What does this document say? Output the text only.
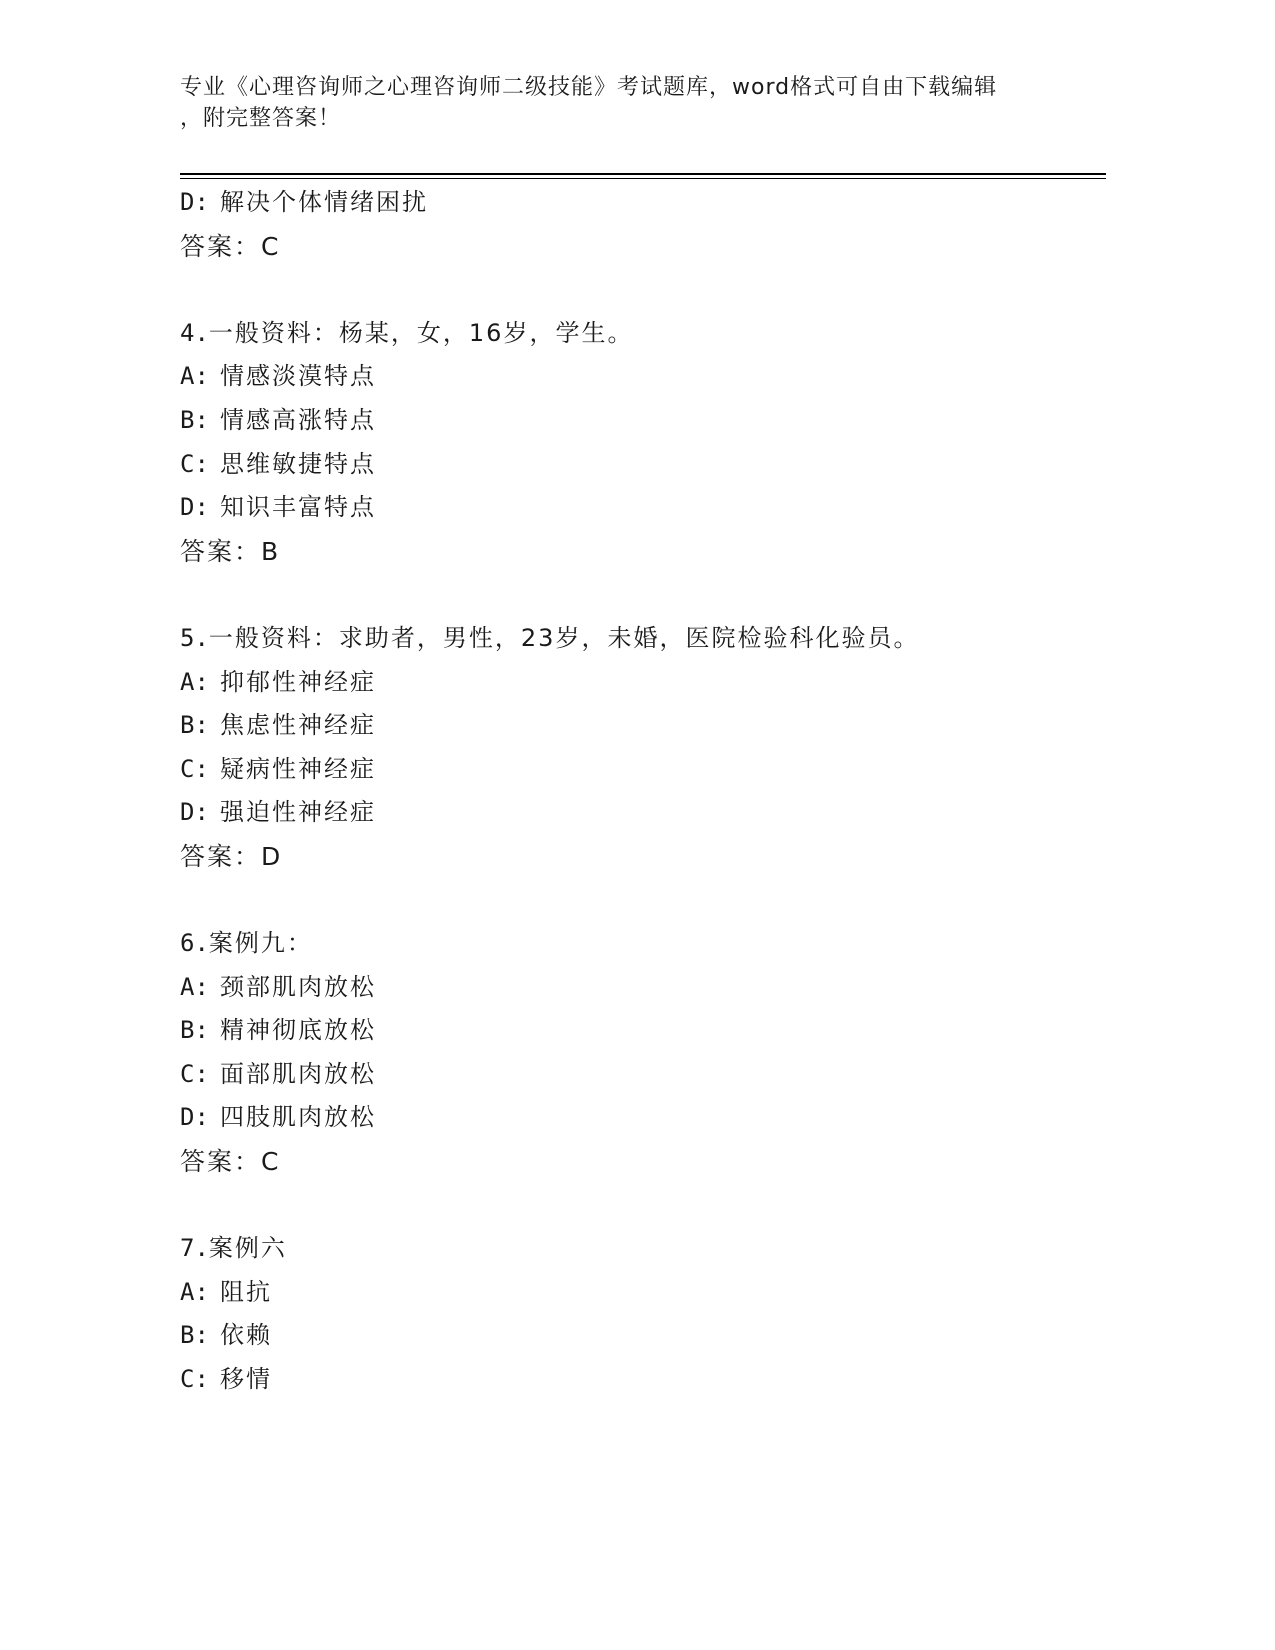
专业《心理咨询师之心理咨询师二级技能》考试题库，word格式可自由下载编辑
，附完整答案！
D: 解决个体情绪困扰
答案：C
4.一般资料：杨某，女，16岁，学生。
A: 情感淡漠特点
B: 情感高涨特点
C: 思维敏捷特点
D: 知识丰富特点
答案：B
5.一般资料：求助者，男性，23岁，未婚，医院检验科化验员。
A: 抑郁性神经症
B: 焦虑性神经症
C: 疑病性神经症
D: 强迫性神经症
答案：D
6.案例九：
A: 颈部肌肉放松
B: 精神彻底放松
C: 面部肌肉放松
D: 四肢肌肉放松
答案：C
7.案例六
A: 阻抗
B: 依赖
C: 移情
